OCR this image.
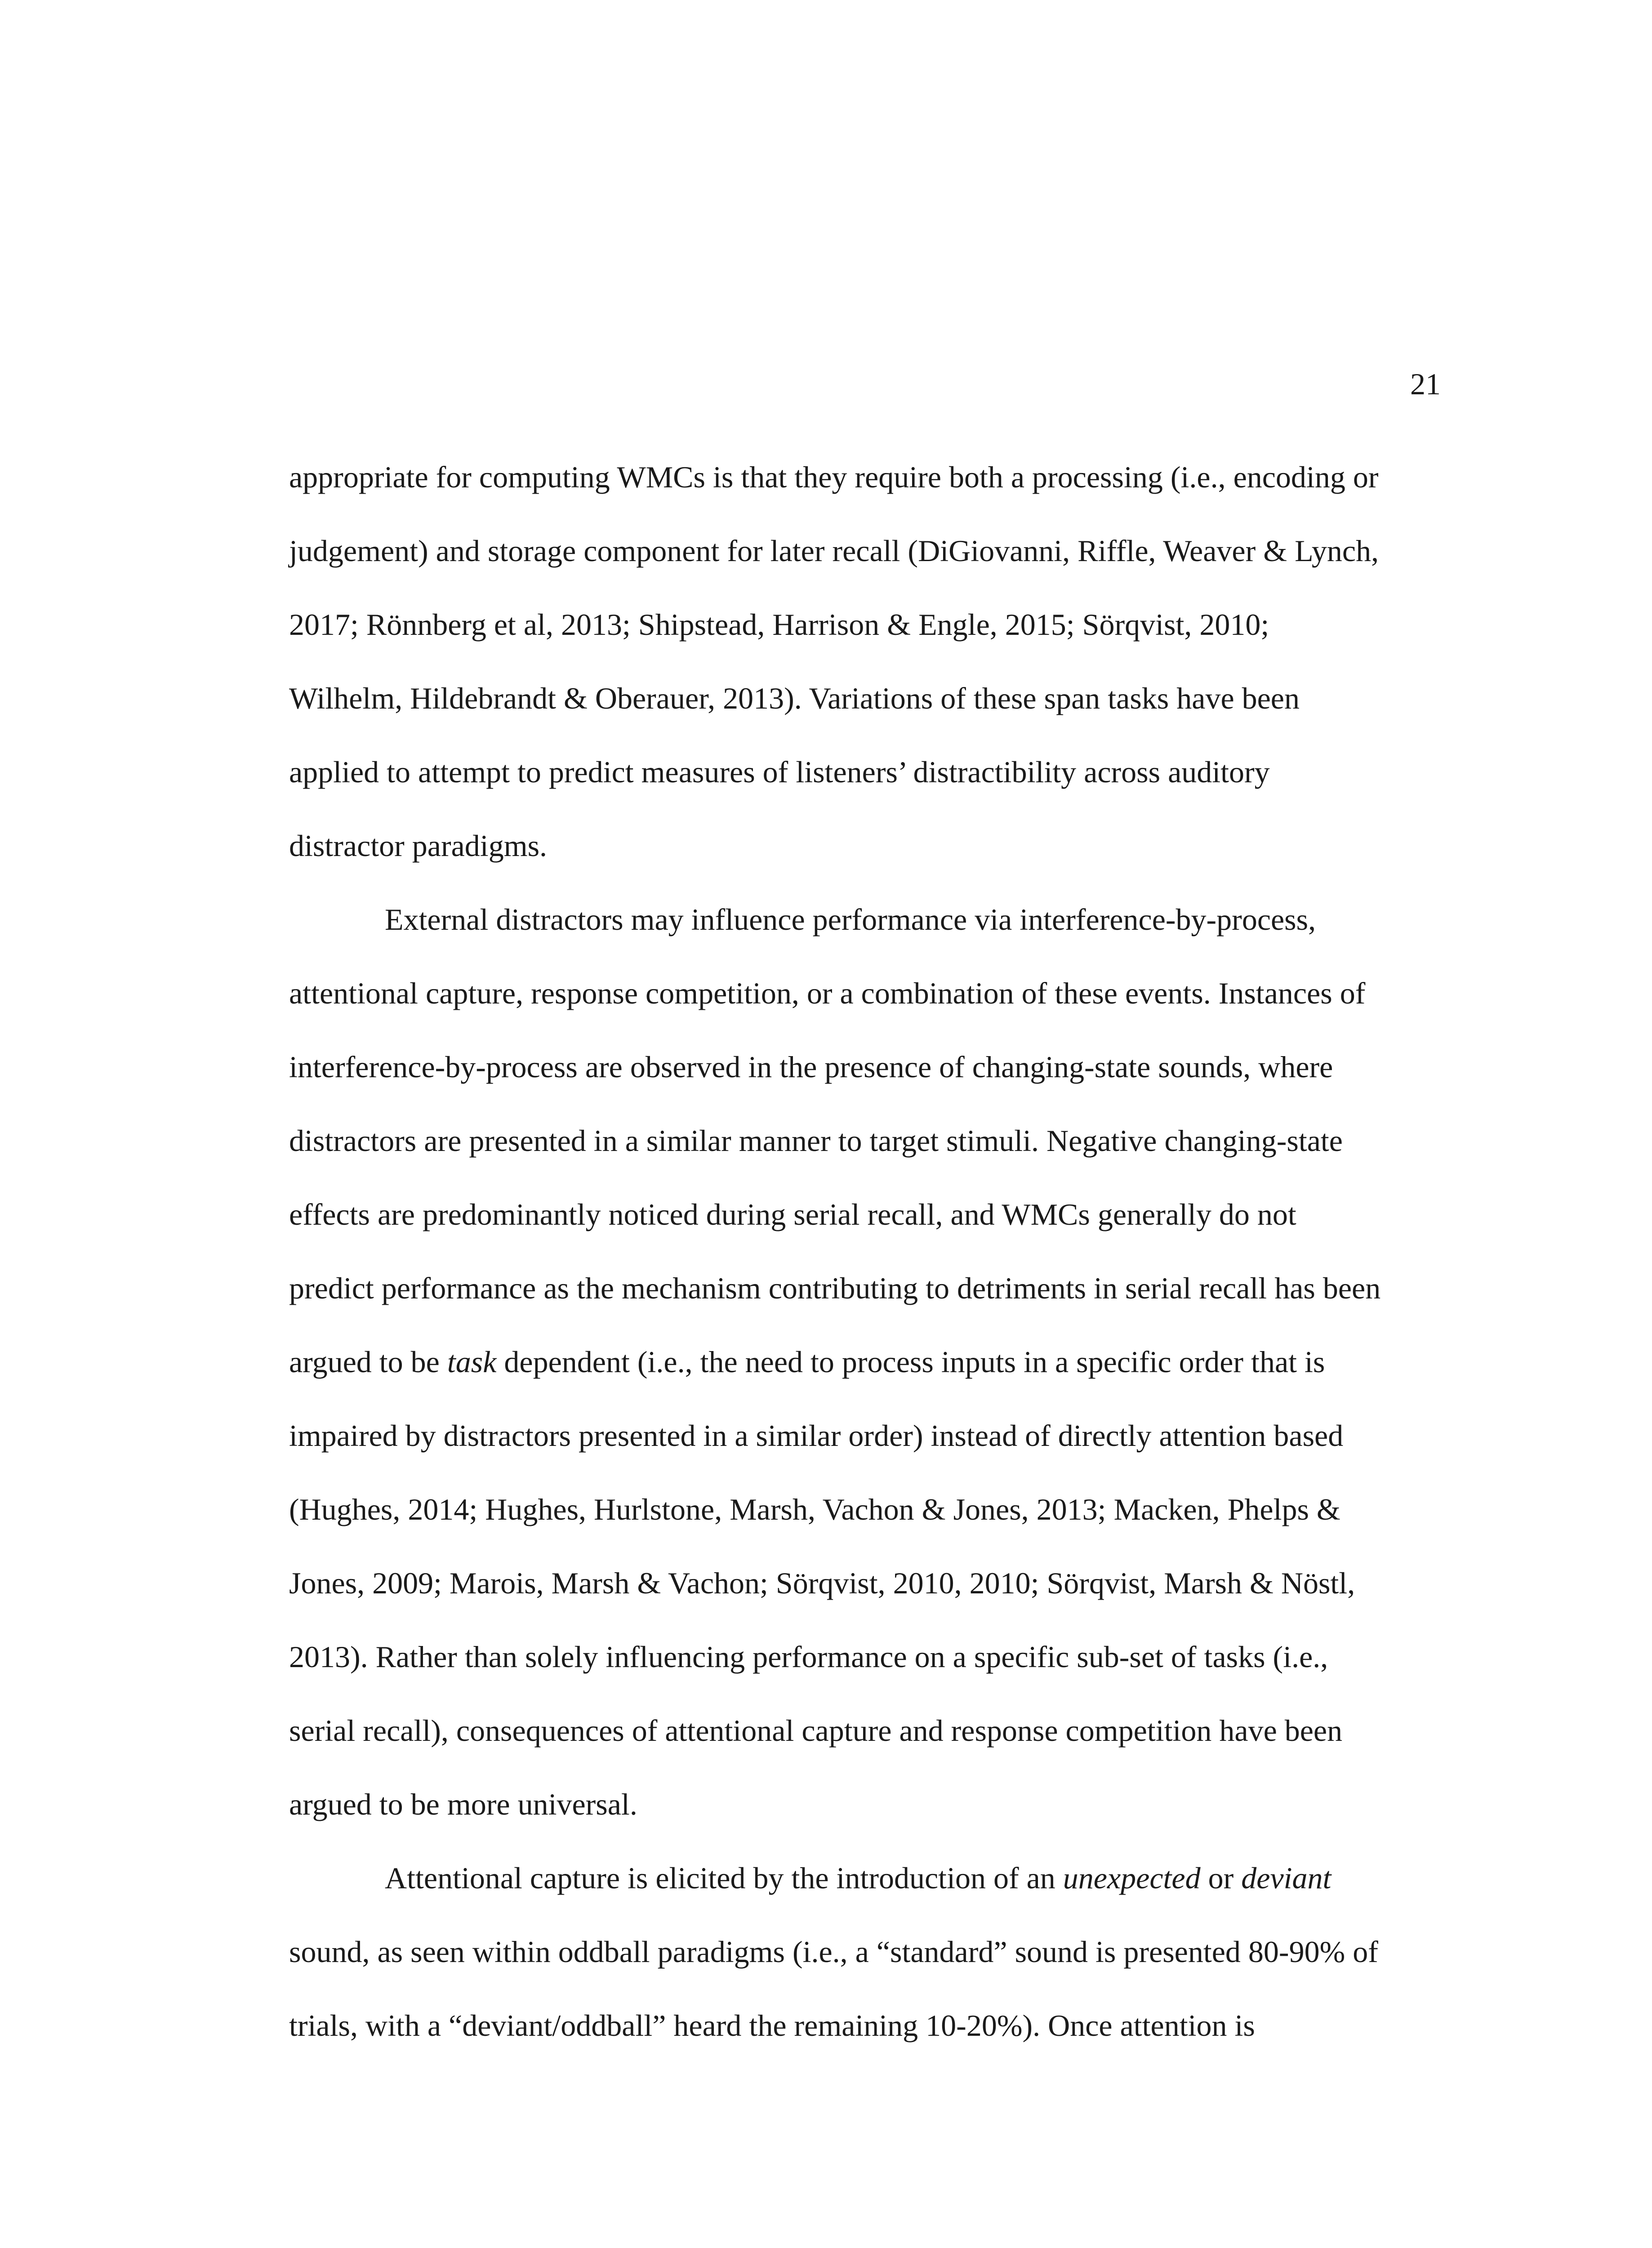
21

appropriate for computing WMCs is that they require both a processing (i.e., encoding or

judgement) and storage component for later recall (DiGiovanni, Riffle, Weaver & Lynch,

2017; Rönnberg et al, 2013; Shipstead, Harrison & Engle, 2015; Sörqvist, 2010;

Wilhelm, Hildebrandt & Oberauer, 2013). Variations of these span tasks have been

applied to attempt to predict measures of listeners’ distractibility across auditory

distractor paradigms.

External distractors may influence performance via interference-by-process,

attentional capture, response competition, or a combination of these events. Instances of

interference-by-process are observed in the presence of changing-state sounds, where

distractors are presented in a similar manner to target stimuli. Negative changing-state

effects are predominantly noticed during serial recall, and WMCs generally do not

predict performance as the mechanism contributing to detriments in serial recall has been

argued to be task dependent (i.e., the need to process inputs in a specific order that is

impaired by distractors presented in a similar order) instead of directly attention based

(Hughes, 2014; Hughes, Hurlstone, Marsh, Vachon & Jones, 2013; Macken, Phelps &

Jones, 2009; Marois, Marsh & Vachon; Sörqvist, 2010, 2010; Sörqvist, Marsh & Nöstl,

2013). Rather than solely influencing performance on a specific sub-set of tasks (i.e.,

serial recall), consequences of attentional capture and response competition have been

argued to be more universal.

Attentional capture is elicited by the introduction of an unexpected or deviant

sound, as seen within oddball paradigms (i.e., a “standard” sound is presented 80-90% of

trials, with a “deviant/oddball” heard the remaining 10-20%). Once attention is
